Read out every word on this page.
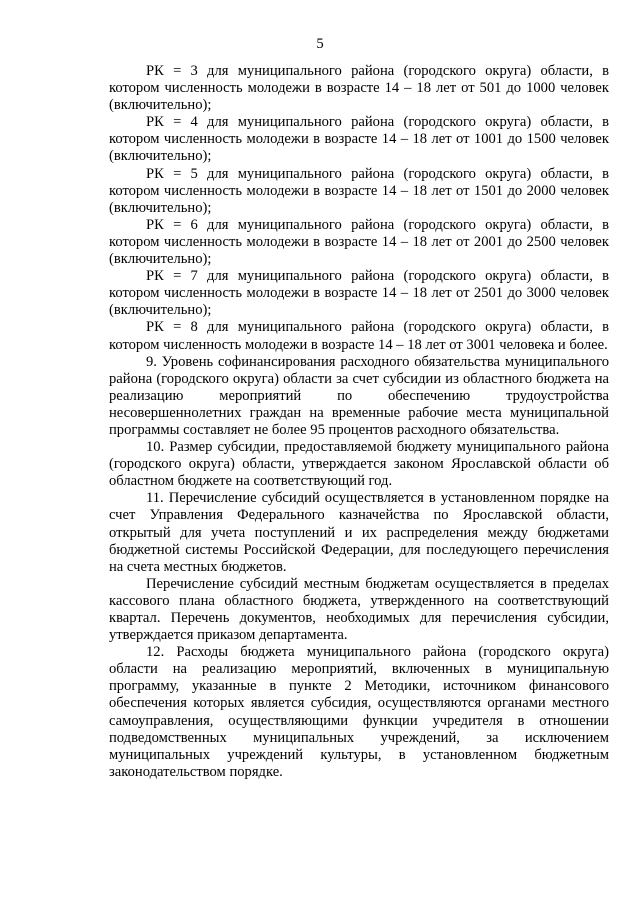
5

РК = 3 для муниципального района (городского округа) области, в котором численность молодежи в возрасте 14 – 18 лет от 501 до 1000 человек (включительно);

РК = 4 для муниципального района (городского округа) области, в котором численность молодежи в возрасте 14 – 18 лет от 1001 до 1500 человек (включительно);

РК = 5 для муниципального района (городского округа) области, в котором численность молодежи в возрасте 14 – 18 лет от 1501 до 2000 человек (включительно);

РК = 6 для муниципального района (городского округа) области, в котором численность молодежи в возрасте 14 – 18 лет от 2001 до 2500 человек (включительно);

РК = 7 для муниципального района (городского округа) области, в котором численность молодежи в возрасте 14 – 18 лет от 2501 до 3000 человек (включительно);

РК = 8 для муниципального района (городского округа) области, в котором численность молодежи в возрасте 14 – 18 лет от 3001 человека и более.

9. Уровень софинансирования расходного обязательства муниципального района (городского округа) области за счет субсидии из областного бюджета на реализацию мероприятий по обеспечению трудоустройства несовершеннолетних граждан на временные рабочие места муниципальной программы составляет не более 95 процентов расходного обязательства.

10. Размер субсидии, предоставляемой бюджету муниципального района (городского округа) области, утверждается законом Ярославской области об областном бюджете на соответствующий год.

11. Перечисление субсидий осуществляется в установленном порядке на счет Управления Федерального казначейства по Ярославской области, открытый для учета поступлений и их распределения между бюджетами бюджетной системы Российской Федерации, для последующего перечисления на счета местных бюджетов.

Перечисление субсидий местным бюджетам осуществляется в пределах кассового плана областного бюджета, утвержденного на соответствующий квартал. Перечень документов, необходимых для перечисления субсидии, утверждается приказом департамента.

12. Расходы бюджета муниципального района (городского округа) области на реализацию мероприятий, включенных в муниципальную программу, указанные в пункте 2 Методики, источником финансового обеспечения которых является субсидия, осуществляются органами местного самоуправления, осуществляющими функции учредителя в отношении подведомственных муниципальных учреждений, за исключением муниципальных учреждений культуры, в установленном бюджетным законодательством порядке.
